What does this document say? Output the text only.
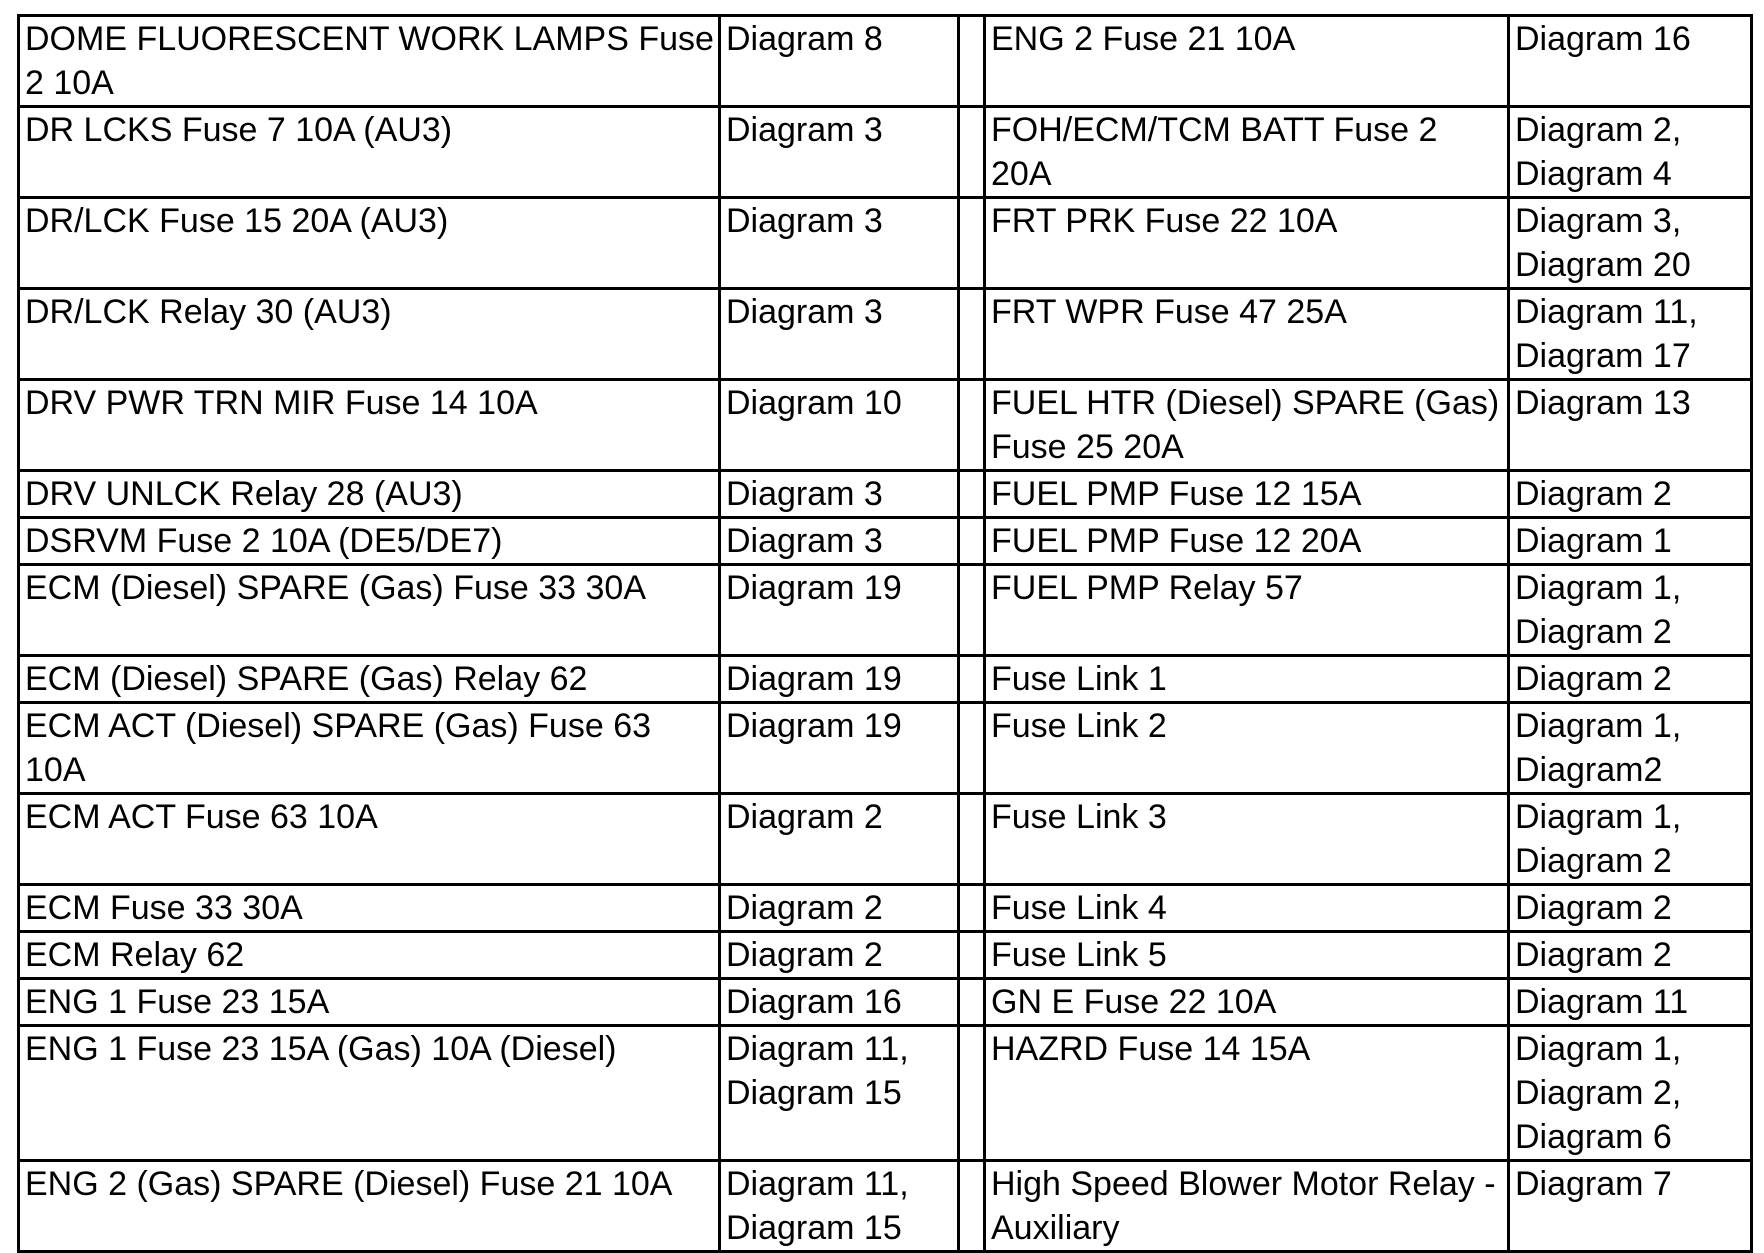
DOME FLUORESCENT WORK LAMPS Fuse 2 10A	Diagram 8		ENG 2 Fuse 21 10A	Diagram 16

DR LCKS Fuse 7 10A (AU3)	Diagram 3		FOH/ECM/TCM BATT Fuse 2 20A	Diagram 2, Diagram 4

DR/LCK Fuse 15 20A (AU3)	Diagram 3		FRT PRK Fuse 22 10A	Diagram 3, Diagram 20

DR/LCK Relay 30 (AU3)	Diagram 3		FRT WPR Fuse 47 25A	Diagram 11, Diagram 17

DRV PWR TRN MIR Fuse 14 10A	Diagram 10		FUEL HTR (Diesel) SPARE (Gas) Fuse 25 20A	Diagram 13

DRV UNLCK Relay 28 (AU3)	Diagram 3		FUEL PMP Fuse 12 15A	Diagram 2

DSRVM Fuse 2 10A (DE5/DE7)	Diagram 3		FUEL PMP Fuse 12 20A	Diagram 1

ECM (Diesel) SPARE (Gas) Fuse 33 30A	Diagram 19		FUEL PMP Relay 57	Diagram 1, Diagram 2

ECM (Diesel) SPARE (Gas) Relay 62	Diagram 19		Fuse Link 1	Diagram 2

ECM ACT (Diesel) SPARE (Gas) Fuse 63 10A	Diagram 19		Fuse Link 2	Diagram 1, Diagram2

ECM ACT Fuse 63 10A	Diagram 2		Fuse Link 3	Diagram 1, Diagram 2

ECM Fuse 33 30A	Diagram 2		Fuse Link 4	Diagram 2

ECM Relay 62	Diagram 2		Fuse Link 5	Diagram 2

ENG 1 Fuse 23 15A	Diagram 16		GN E Fuse 22 10A	Diagram 11

ENG 1 Fuse 23 15A (Gas) 10A (Diesel)	Diagram 11, Diagram 15		HAZRD Fuse 14 15A	Diagram 1, Diagram 2, Diagram 6

ENG 2 (Gas) SPARE (Diesel) Fuse 21 10A	Diagram 11, Diagram 15		High Speed Blower Motor Relay - Auxiliary	Diagram 7
